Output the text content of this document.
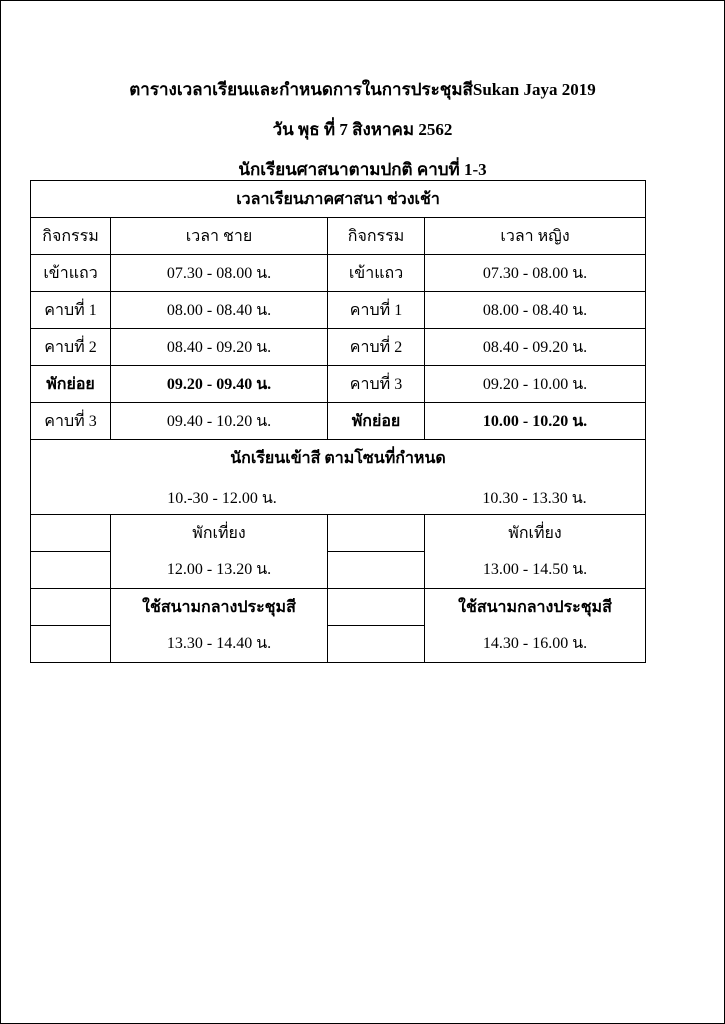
ตารางเวลาเรียนและกำหนดการในการประชุมสีSukan Jaya 2019
วัน พุธ ที่ 7 สิงหาคม 2562
นักเรียนศาสนาตามปกติ คาบที่ 1-3
เวลาเรียนภาคศาสนา ช่วงเช้า			
กิจกรรม	เวลา ชาย	กิจกรรม	เวลา หญิง
เข้าแถว	07.30 - 08.00 น.	เข้าแถว	07.30 - 08.00 น.
คาบที่ 1	08.00 - 08.40 น.	คาบที่ 1	08.00 - 08.40 น.
คาบที่ 2	08.40 - 09.20 น.	คาบที่ 2	08.40 - 09.20 น.
พักย่อย	09.20 - 09.40 น.	คาบที่ 3	09.20 - 10.00 น.
คาบที่ 3	09.40 - 10.20 น.	พักย่อย	10.00 - 10.20 น.

นักเรียนเข้าสี ตามโซนที่กำหนด
10.-30 - 12.00 น. 10.30 - 13.30 น.			

	พักเที่ยง		พักเที่ยง
	12.00 - 13.20 น.		13.00 - 14.50 น.
	ใช้สนามกลางประชุมสี		ใช้สนามกลางประชุมสี
	13.30 - 14.40 น.		14.30 - 16.00 น.
